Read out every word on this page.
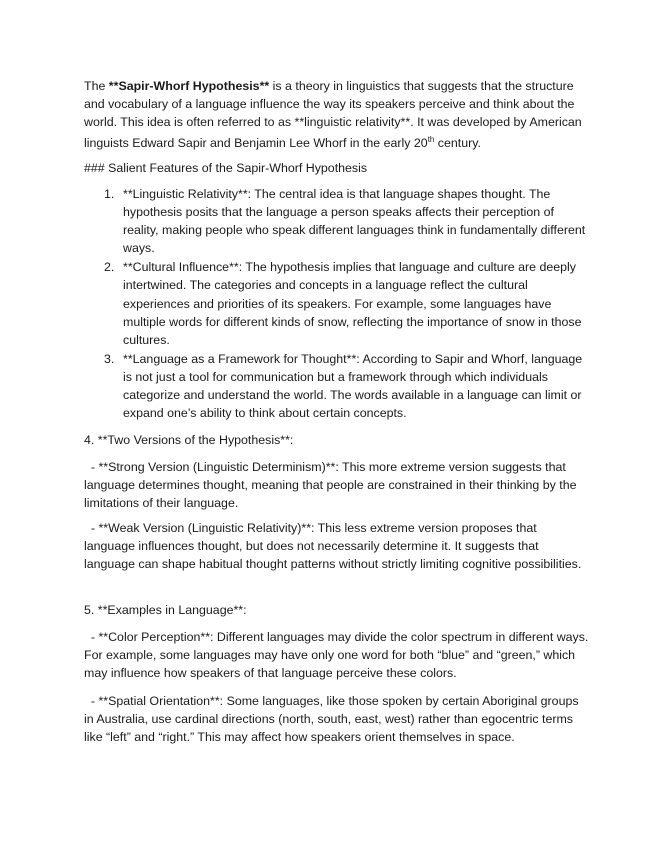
The **Sapir-Whorf Hypothesis** is a theory in linguistics that suggests that the structure and vocabulary of a language influence the way its speakers perceive and think about the world. This idea is often referred to as **linguistic relativity**. It was developed by American linguists Edward Sapir and Benjamin Lee Whorf in the early 20th century.

### Salient Features of the Sapir-Whorf Hypothesis

1. **Linguistic Relativity**: The central idea is that language shapes thought. The hypothesis posits that the language a person speaks affects their perception of reality, making people who speak different languages think in fundamentally different ways.
2. **Cultural Influence**: The hypothesis implies that language and culture are deeply intertwined. The categories and concepts in a language reflect the cultural experiences and priorities of its speakers. For example, some languages have multiple words for different kinds of snow, reflecting the importance of snow in those cultures.
3. **Language as a Framework for Thought**: According to Sapir and Whorf, language is not just a tool for communication but a framework through which individuals categorize and understand the world. The words available in a language can limit or expand one’s ability to think about certain concepts.

4. **Two Versions of the Hypothesis**:

- **Strong Version (Linguistic Determinism)**: This more extreme version suggests that language determines thought, meaning that people are constrained in their thinking by the limitations of their language.

- **Weak Version (Linguistic Relativity)**: This less extreme version proposes that language influences thought, but does not necessarily determine it. It suggests that language can shape habitual thought patterns without strictly limiting cognitive possibilities.

5. **Examples in Language**:

- **Color Perception**: Different languages may divide the color spectrum in different ways. For example, some languages may have only one word for both “blue” and “green,” which may influence how speakers of that language perceive these colors.

- **Spatial Orientation**: Some languages, like those spoken by certain Aboriginal groups in Australia, use cardinal directions (north, south, east, west) rather than egocentric terms like “left” and “right.” This may affect how speakers orient themselves in space.
